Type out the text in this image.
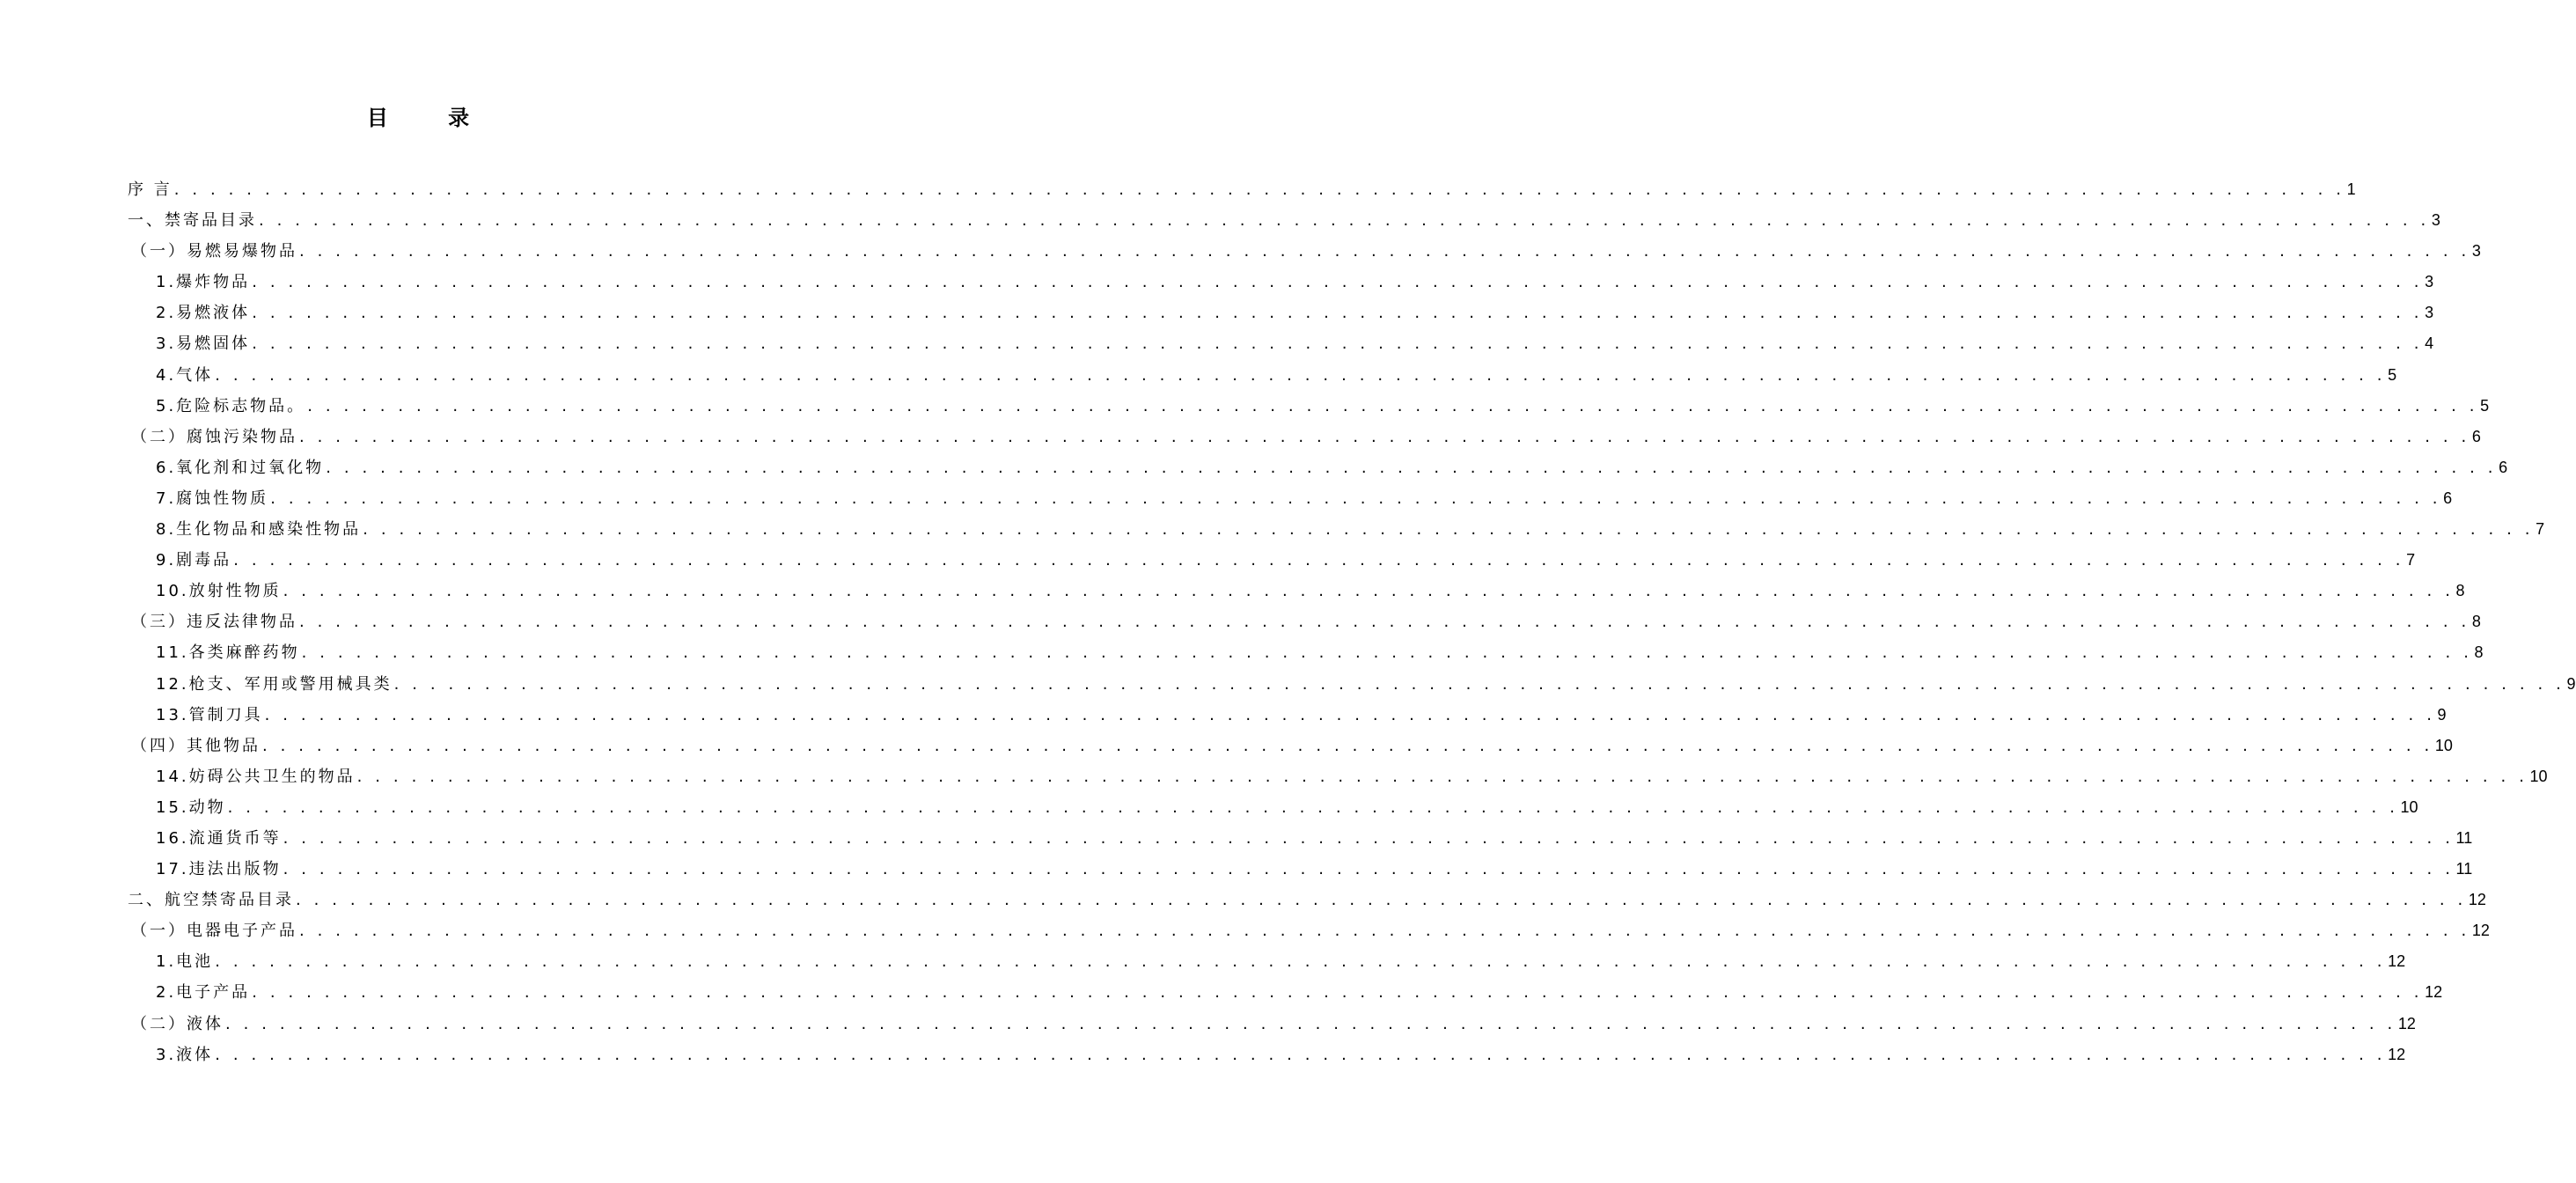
目 录
序 言 . . . . . . . . . . . . . . . . . . . . . . . . . . . . . . . . . . . . . . . . . . . . . . . . . . . . . . . . . . . . . . . . . . . . . . . . . . . . . . . . . . . . . . . . . . . . . . . . . . . . . . . . . . . . . . . . . . . . . . . . 1
一、禁寄品目录 . . . . . . . . . . . . . . . . . . . . . . . . . . . . . . . . . . . . . . . . . . . . . . . . . . . . . . . . . . . . . . . . . . . . . . . . . . . . . . . . . . . . . . . . . . . . . . . . . . . . . . . . . . . . . . . . . . . . . . . . 3
（一）易燃易爆物品 . . . . . . . . . . . . . . . . . . . . . . . . . . . . . . . . . . . . . . . . . . . . . . . . . . . . . . . . . . . . . . . . . . . . . . . . . . . . . . . . . . . . . . . . . . . . . . . . . . . . . . . . . . . . . . . . . . . . . . . . 3
1.爆炸物品 . . . . . . . . . . . . . . . . . . . . . . . . . . . . . . . . . . . . . . . . . . . . . . . . . . . . . . . . . . . . . . . . . . . . . . . . . . . . . . . . . . . . . . . . . . . . . . . . . . . . . . . . . . . . . . . . . . . . . . . . 3
2.易燃液体 . . . . . . . . . . . . . . . . . . . . . . . . . . . . . . . . . . . . . . . . . . . . . . . . . . . . . . . . . . . . . . . . . . . . . . . . . . . . . . . . . . . . . . . . . . . . . . . . . . . . . . . . . . . . . . . . . . . . . . . . 3
3.易燃固体 . . . . . . . . . . . . . . . . . . . . . . . . . . . . . . . . . . . . . . . . . . . . . . . . . . . . . . . . . . . . . . . . . . . . . . . . . . . . . . . . . . . . . . . . . . . . . . . . . . . . . . . . . . . . . . . . . . . . . . . . 4
4.气体 . . . . . . . . . . . . . . . . . . . . . . . . . . . . . . . . . . . . . . . . . . . . . . . . . . . . . . . . . . . . . . . . . . . . . . . . . . . . . . . . . . . . . . . . . . . . . . . . . . . . . . . . . . . . . . . . . . . . . . . . 5
5.危险标志物品。 . . . . . . . . . . . . . . . . . . . . . . . . . . . . . . . . . . . . . . . . . . . . . . . . . . . . . . . . . . . . . . . . . . . . . . . . . . . . . . . . . . . . . . . . . . . . . . . . . . . . . . . . . . . . . . . . . . . . . . . . 5
（二）腐蚀污染物品 . . . . . . . . . . . . . . . . . . . . . . . . . . . . . . . . . . . . . . . . . . . . . . . . . . . . . . . . . . . . . . . . . . . . . . . . . . . . . . . . . . . . . . . . . . . . . . . . . . . . . . . . . . . . . . . . . . . . . . . . 6
6.氧化剂和过氧化物 . . . . . . . . . . . . . . . . . . . . . . . . . . . . . . . . . . . . . . . . . . . . . . . . . . . . . . . . . . . . . . . . . . . . . . . . . . . . . . . . . . . . . . . . . . . . . . . . . . . . . . . . . . . . . . . . . . . . . . . . 6
7.腐蚀性物质 . . . . . . . . . . . . . . . . . . . . . . . . . . . . . . . . . . . . . . . . . . . . . . . . . . . . . . . . . . . . . . . . . . . . . . . . . . . . . . . . . . . . . . . . . . . . . . . . . . . . . . . . . . . . . . . . . . . . . . . . 6
8.生化物品和感染性物品 . . . . . . . . . . . . . . . . . . . . . . . . . . . . . . . . . . . . . . . . . . . . . . . . . . . . . . . . . . . . . . . . . . . . . . . . . . . . . . . . . . . . . . . . . . . . . . . . . . . . . . . . . . . . . . . . . . . . . . . . 7
9.剧毒品 . . . . . . . . . . . . . . . . . . . . . . . . . . . . . . . . . . . . . . . . . . . . . . . . . . . . . . . . . . . . . . . . . . . . . . . . . . . . . . . . . . . . . . . . . . . . . . . . . . . . . . . . . . . . . . . . . . . . . . . . 7
10.放射性物质 . . . . . . . . . . . . . . . . . . . . . . . . . . . . . . . . . . . . . . . . . . . . . . . . . . . . . . . . . . . . . . . . . . . . . . . . . . . . . . . . . . . . . . . . . . . . . . . . . . . . . . . . . . . . . . . . . . . . . . . . 8
（三）违反法律物品 . . . . . . . . . . . . . . . . . . . . . . . . . . . . . . . . . . . . . . . . . . . . . . . . . . . . . . . . . . . . . . . . . . . . . . . . . . . . . . . . . . . . . . . . . . . . . . . . . . . . . . . . . . . . . . . . . . . . . . . . 8
11.各类麻醉药物 . . . . . . . . . . . . . . . . . . . . . . . . . . . . . . . . . . . . . . . . . . . . . . . . . . . . . . . . . . . . . . . . . . . . . . . . . . . . . . . . . . . . . . . . . . . . . . . . . . . . . . . . . . . . . . . . . . . . . . . . 8
12.枪支、军用或警用械具类 . . . . . . . . . . . . . . . . . . . . . . . . . . . . . . . . . . . . . . . . . . . . . . . . . . . . . . . . . . . . . . . . . . . . . . . . . . . . . . . . . . . . . . . . . . . . . . . . . . . . . . . . . . . . . . . . . . . . . . . . 9
13.管制刀具 . . . . . . . . . . . . . . . . . . . . . . . . . . . . . . . . . . . . . . . . . . . . . . . . . . . . . . . . . . . . . . . . . . . . . . . . . . . . . . . . . . . . . . . . . . . . . . . . . . . . . . . . . . . . . . . . . . . . . . . . 9
（四）其他物品 . . . . . . . . . . . . . . . . . . . . . . . . . . . . . . . . . . . . . . . . . . . . . . . . . . . . . . . . . . . . . . . . . . . . . . . . . . . . . . . . . . . . . . . . . . . . . . . . . . . . . . . . . . . . . . . . . . . . . . . . 10
14.妨碍公共卫生的物品 . . . . . . . . . . . . . . . . . . . . . . . . . . . . . . . . . . . . . . . . . . . . . . . . . . . . . . . . . . . . . . . . . . . . . . . . . . . . . . . . . . . . . . . . . . . . . . . . . . . . . . . . . . . . . . . . . . . . . . . . 10
15.动物 . . . . . . . . . . . . . . . . . . . . . . . . . . . . . . . . . . . . . . . . . . . . . . . . . . . . . . . . . . . . . . . . . . . . . . . . . . . . . . . . . . . . . . . . . . . . . . . . . . . . . . . . . . . . . . . . . . . . . . . . 10
16.流通货币等 . . . . . . . . . . . . . . . . . . . . . . . . . . . . . . . . . . . . . . . . . . . . . . . . . . . . . . . . . . . . . . . . . . . . . . . . . . . . . . . . . . . . . . . . . . . . . . . . . . . . . . . . . . . . . . . . . . . . . . . . 11
17.违法出版物 . . . . . . . . . . . . . . . . . . . . . . . . . . . . . . . . . . . . . . . . . . . . . . . . . . . . . . . . . . . . . . . . . . . . . . . . . . . . . . . . . . . . . . . . . . . . . . . . . . . . . . . . . . . . . . . . . . . . . . . . 11
二、航空禁寄品目录 . . . . . . . . . . . . . . . . . . . . . . . . . . . . . . . . . . . . . . . . . . . . . . . . . . . . . . . . . . . . . . . . . . . . . . . . . . . . . . . . . . . . . . . . . . . . . . . . . . . . . . . . . . . . . . . . . . . . . . . . 12
（一）电器电子产品 . . . . . . . . . . . . . . . . . . . . . . . . . . . . . . . . . . . . . . . . . . . . . . . . . . . . . . . . . . . . . . . . . . . . . . . . . . . . . . . . . . . . . . . . . . . . . . . . . . . . . . . . . . . . . . . . . . . . . . . . 12
1.电池 . . . . . . . . . . . . . . . . . . . . . . . . . . . . . . . . . . . . . . . . . . . . . . . . . . . . . . . . . . . . . . . . . . . . . . . . . . . . . . . . . . . . . . . . . . . . . . . . . . . . . . . . . . . . . . . . . . . . . . . . 12
2.电子产品 . . . . . . . . . . . . . . . . . . . . . . . . . . . . . . . . . . . . . . . . . . . . . . . . . . . . . . . . . . . . . . . . . . . . . . . . . . . . . . . . . . . . . . . . . . . . . . . . . . . . . . . . . . . . . . . . . . . . . . . . 12
（二）液体 . . . . . . . . . . . . . . . . . . . . . . . . . . . . . . . . . . . . . . . . . . . . . . . . . . . . . . . . . . . . . . . . . . . . . . . . . . . . . . . . . . . . . . . . . . . . . . . . . . . . . . . . . . . . . . . . . . . . . . . . 12
3.液体 . . . . . . . . . . . . . . . . . . . . . . . . . . . . . . . . . . . . . . . . . . . . . . . . . . . . . . . . . . . . . . . . . . . . . . . . . . . . . . . . . . . . . . . . . . . . . . . . . . . . . . . . . . . . . . . . . . . . . . . . 12
